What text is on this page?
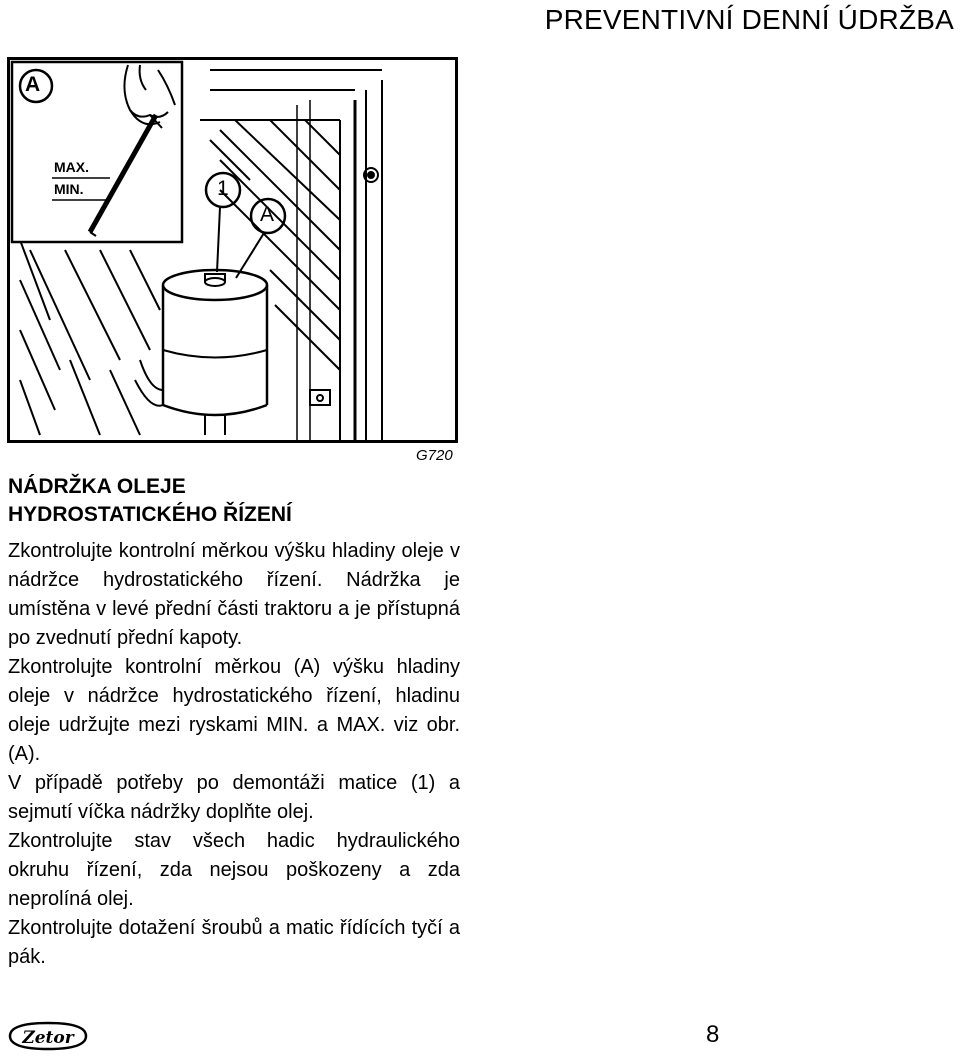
PREVENTIVNÍ DENNÍ ÚDRŽBA
A
MAX.
MIN.	1
A
G720
NÁDRŽKA OLEJE
HYDROSTATICKÉHO ŘÍZENÍ

Zkontrolujte kontrolní měrkou výšku hladiny oleje v nádržce hydrostatického řízení. Nádržka je umístěna v levé přední části traktoru a je přístupná po zvednutí přední kapoty.

Zkontrolujte kontrolní měrkou (A) výšku hladiny oleje v nádržce hydrostatického řízení, hladinu oleje udržujte mezi ryskami MIN. a MAX. viz obr. (A).

V případě potřeby po demontáži matice (1) a sejmutí víčka nádržky doplňte olej.

Zkontrolujte stav všech hadic hydraulického okruhu řízení, zda nejsou poškozeny a zda neprolíná olej.

Zkontrolujte dotažení šroubů a matic řídících tyčí a pák.

Zetor	8
